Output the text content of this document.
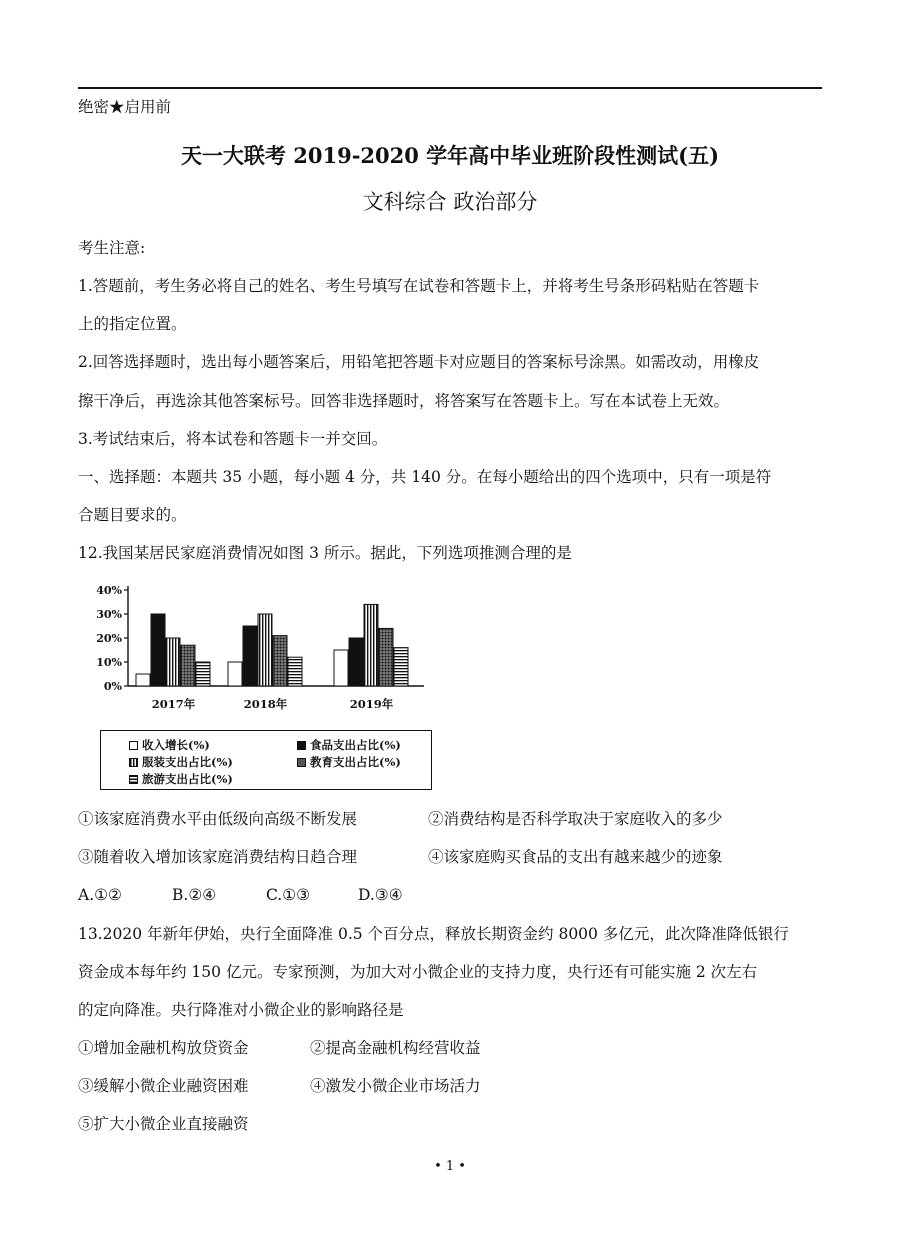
绝密★启用前
天一大联考 2019-2020 学年高中毕业班阶段性测试(五)
文科综合 政治部分
考生注意:
1.答题前，考生务必将自己的姓名、考生号填写在试卷和答题卡上，并将考生号条形码粘贴在答题卡
上的指定位置。
2.回答选择题时，选出每小题答案后，用铅笔把答题卡对应题目的答案标号涂黑。如需改动，用橡皮
擦干净后，再选涂其他答案标号。回答非选择题时，将答案写在答题卡上。写在本试卷上无效。
3.考试结束后，将本试卷和答题卡一并交回。
一、选择题：本题共 35 小题，每小题 4 分，共 140 分。在每小题给出的四个选项中，只有一项是符
合题目要求的。
12.我国某居民家庭消费情况如图 3 所示。据此，下列选项推测合理的是
0%
10%
20%
30%
40%
2017年	2018年	2019年
收入增长(%)	食品支出占比(%)
服装支出占比(%)	教育支出占比(%)
旅游支出占比(%)
①该家庭消费水平由低级向高级不断发展	②消费结构是否科学取决于家庭收入的多少
③随着收入增加该家庭消费结构日趋合理	④该家庭购买食品的支出有越来越少的迹象
A.①②	B.②④	C.①③	D.③④
13.2020 年新年伊始，央行全面降准 0.5 个百分点，释放长期资金约 8000 多亿元，此次降准降低银行
资金成本每年约 150 亿元。专家预测，为加大对小微企业的支持力度，央行还有可能实施 2 次左右
的定向降准。央行降准对小微企业的影响路径是
①增加金融机构放贷资金	②提高金融机构经营收益
③缓解小微企业融资困难	④激发小微企业市场活力
⑤扩大小微企业直接融资
• 1 •
